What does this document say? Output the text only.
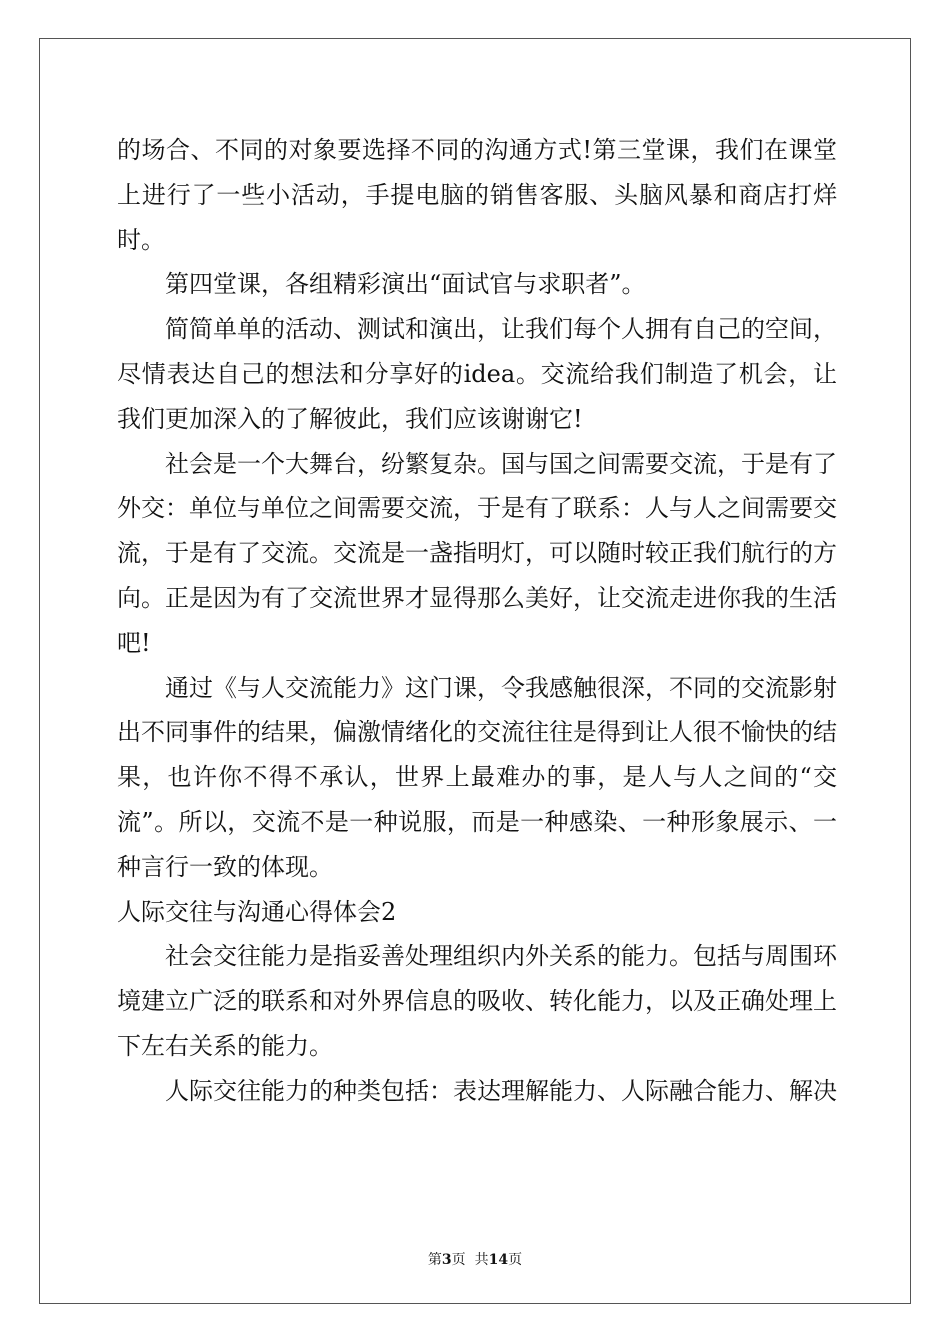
的场合、不同的对象要选择不同的沟通方式!第三堂课，我们在课堂上进行了一些小活动，手提电脑的销售客服、头脑风暴和商店打烊时。

第四堂课，各组精彩演出“面试官与求职者”。

简简单单的活动、测试和演出，让我们每个人拥有自己的空间，尽情表达自己的想法和分享好的idea。交流给我们制造了机会，让我们更加深入的了解彼此，我们应该谢谢它!

社会是一个大舞台，纷繁复杂。国与国之间需要交流，于是有了外交：单位与单位之间需要交流，于是有了联系：人与人之间需要交流，于是有了交流。交流是一盏指明灯，可以随时较正我们航行的方向。正是因为有了交流世界才显得那么美好，让交流走进你我的生活吧!

通过《与人交流能力》这门课，令我感触很深，不同的交流影射出不同事件的结果，偏激情绪化的交流往往是得到让人很不愉快的结果，也许你不得不承认，世界上最难办的事，是人与人之间的“交流”。所以，交流不是一种说服，而是一种感染、一种形象展示、一种言行一致的体现。

人际交往与沟通心得体会2

社会交往能力是指妥善处理组织内外关系的能力。包括与周围环境建立广泛的联系和对外界信息的吸收、转化能力，以及正确处理上下左右关系的能力。

人际交往能力的种类包括：表达理解能力、人际融合能力、解决

第3页  共14页
